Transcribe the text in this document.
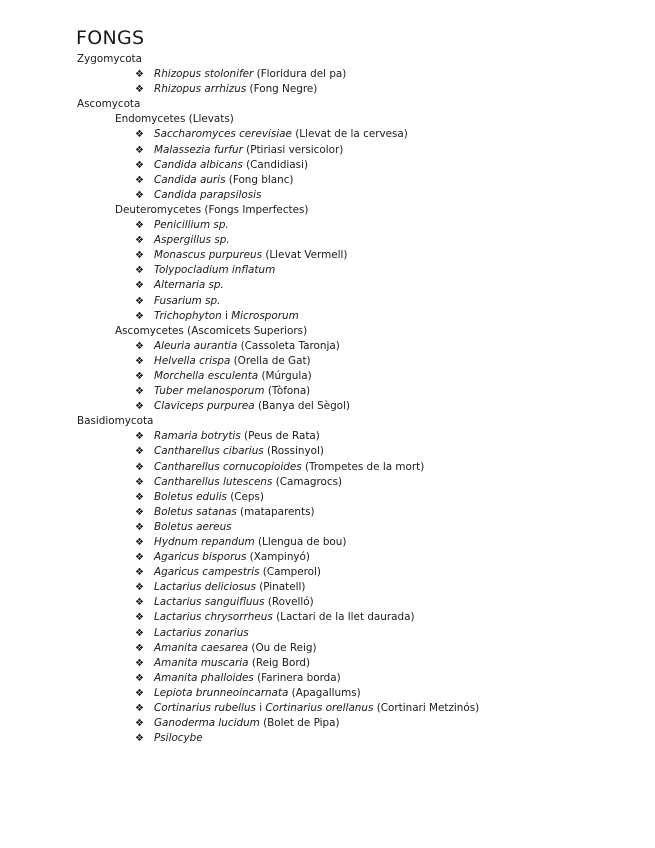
FONGS
Zygomycota
❖ Rhizopus stolonifer (Floridura del pa)
❖ Rhizopus arrhizus (Fong Negre)
Ascomycota
Endomycetes (Llevats)
❖ Saccharomyces cerevisiae (Llevat de la cervesa)
❖ Malassezia furfur (Ptiriasi versicolor)
❖ Candida albicans (Candidiasi)
❖ Candida auris (Fong blanc)
❖ Candida parapsilosis
Deuteromycetes (Fongs Imperfectes)
❖ Penicillium sp.
❖ Aspergillus sp.
❖ Monascus purpureus (Llevat Vermell)
❖ Tolypocladium inflatum
❖ Alternaria sp.
❖ Fusarium sp.
❖ Trichophyton i Microsporum
Ascomycetes (Ascomicets Superiors)
❖ Aleuria aurantia (Cassoleta Taronja)
❖ Helvella crispa (Orella de Gat)
❖ Morchella esculenta (Múrgula)
❖ Tuber melanosporum (Tòfona)
❖ Claviceps purpurea (Banya del Sègol)
Basidiomycota
❖ Ramaria botrytis (Peus de Rata)
❖ Cantharellus cibarius (Rossinyol)
❖ Cantharellus cornucopioides (Trompetes de la mort)
❖ Cantharellus lutescens (Camagrocs)
❖ Boletus edulis (Ceps)
❖ Boletus satanas (mataparents)
❖ Boletus aereus
❖ Hydnum repandum (Llengua de bou)
❖ Agaricus bisporus (Xampinyó)
❖ Agaricus campestris (Camperol)
❖ Lactarius deliciosus (Pinatell)
❖ Lactarius sanguifluus (Rovelló)
❖ Lactarius chrysorrheus (Lactari de la llet daurada)
❖ Lactarius zonarius
❖ Amanita caesarea (Ou de Reig)
❖ Amanita muscaria (Reig Bord)
❖ Amanita phalloides (Farinera borda)
❖ Lepiota brunneoincarnata (Apagallums)
❖ Cortinarius rubellus i Cortinarius orellanus (Cortinari Metzinós)
❖ Ganoderma lucidum (Bolet de Pipa)
❖ Psilocybe
